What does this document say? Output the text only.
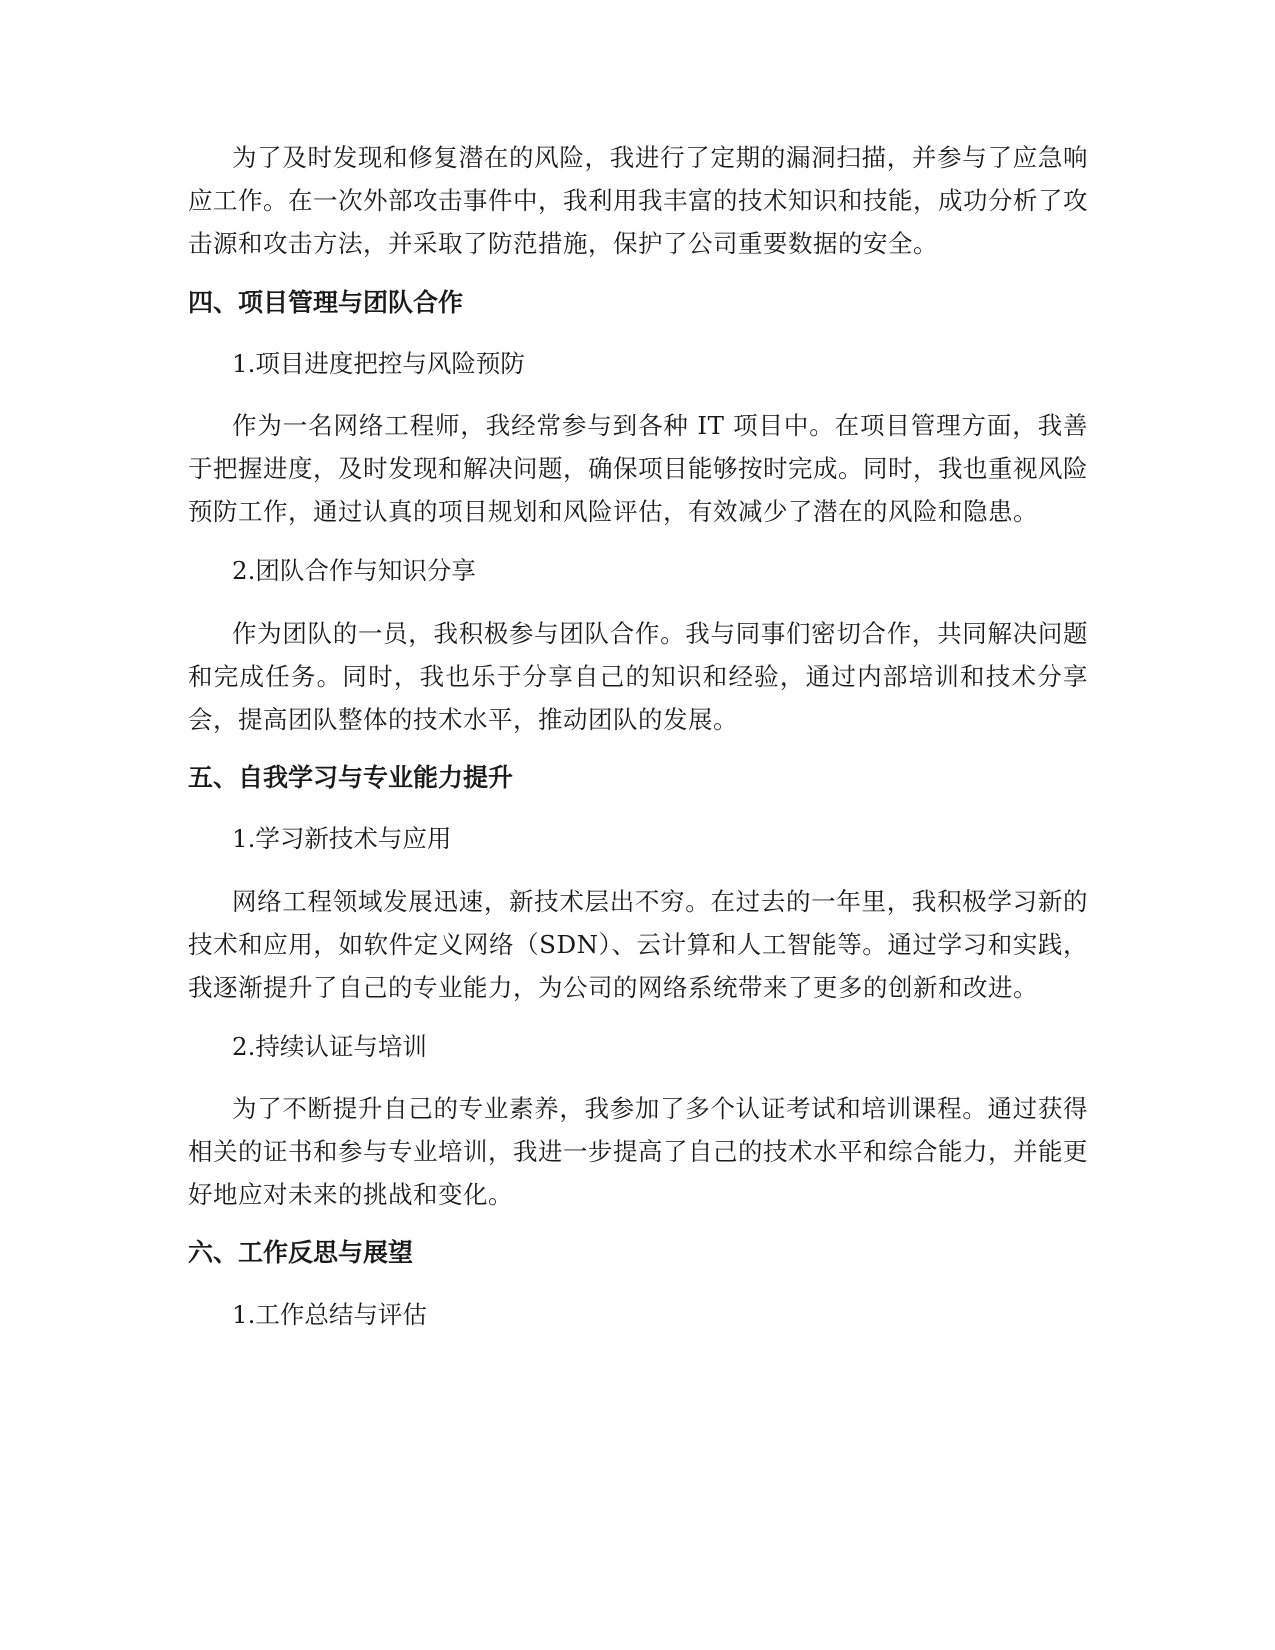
为了及时发现和修复潜在的风险，我进行了定期的漏洞扫描，并参与了应急响应工作。在一次外部攻击事件中，我利用我丰富的技术知识和技能，成功分析了攻击源和攻击方法，并采取了防范措施，保护了公司重要数据的安全。

四、项目管理与团队合作

1.项目进度把控与风险预防

作为一名网络工程师，我经常参与到各种 IT 项目中。在项目管理方面，我善于把握进度，及时发现和解决问题，确保项目能够按时完成。同时，我也重视风险预防工作，通过认真的项目规划和风险评估，有效减少了潜在的风险和隐患。

2.团队合作与知识分享

作为团队的一员，我积极参与团队合作。我与同事们密切合作，共同解决问题和完成任务。同时，我也乐于分享自己的知识和经验，通过内部培训和技术分享会，提高团队整体的技术水平，推动团队的发展。

五、自我学习与专业能力提升

1.学习新技术与应用

网络工程领域发展迅速，新技术层出不穷。在过去的一年里，我积极学习新的技术和应用，如软件定义网络（SDN）、云计算和人工智能等。通过学习和实践，我逐渐提升了自己的专业能力，为公司的网络系统带来了更多的创新和改进。

2.持续认证与培训

为了不断提升自己的专业素养，我参加了多个认证考试和培训课程。通过获得相关的证书和参与专业培训，我进一步提高了自己的技术水平和综合能力，并能更好地应对未来的挑战和变化。

六、工作反思与展望

1.工作总结与评估
